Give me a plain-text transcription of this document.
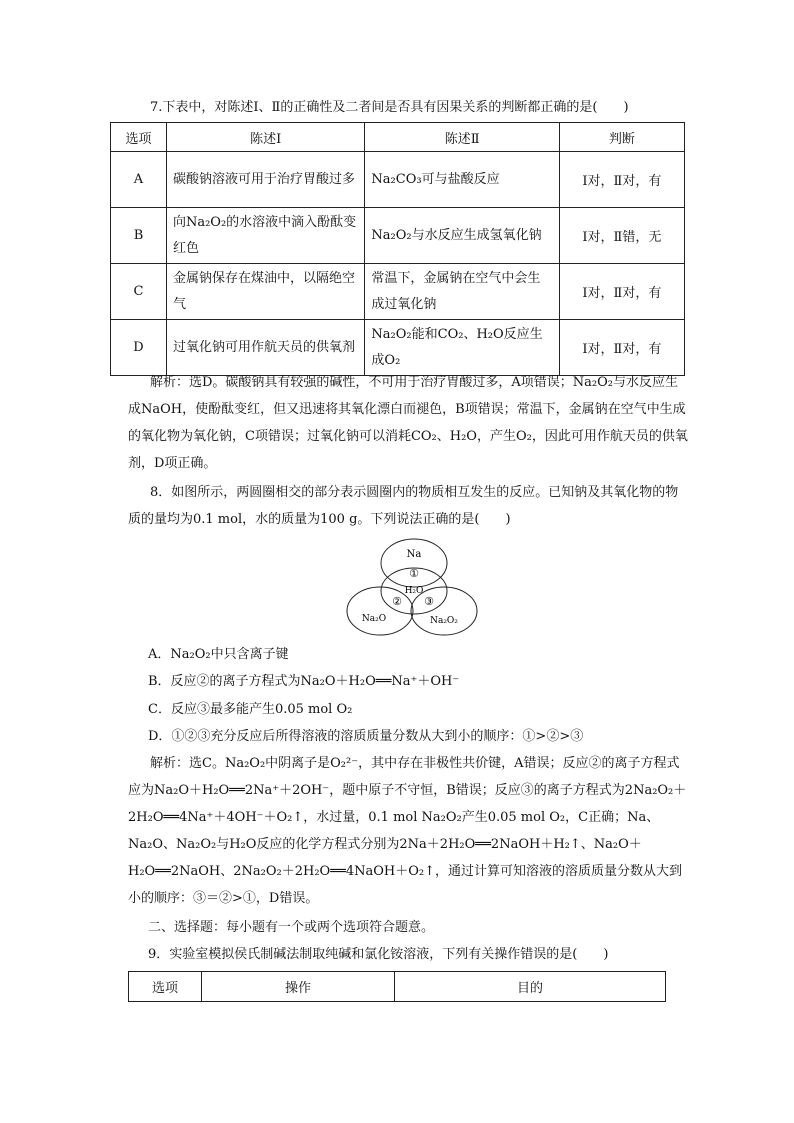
7.下表中，对陈述Ⅰ、Ⅱ的正确性及二者间是否具有因果关系的判断都正确的是(　　)
选项	陈述Ⅰ	陈述Ⅱ	判断
A	碳酸钠溶液可用于治疗胃酸过多	Na₂CO₃可与盐酸反应	Ⅰ对，Ⅱ对，有
B	向Na₂O₂的水溶液中滴入酚酞变红色	Na₂O₂与水反应生成氢氧化钠	Ⅰ对，Ⅱ错，无
C	金属钠保存在煤油中，以隔绝空气	常温下，金属钠在空气中会生成过氧化钠	Ⅰ对，Ⅱ对，有
D	过氧化钠可用作航天员的供氧剂	Na₂O₂能和CO₂、H₂O反应生成O₂	Ⅰ对，Ⅱ对，有
解析：选D。碳酸钠具有较强的碱性，不可用于治疗胃酸过多，A项错误；Na₂O₂与水反应生成NaOH，使酚酞变红，但又迅速将其氧化漂白而褪色，B项错误；常温下，金属钠在空气中生成的氧化物为氧化钠，C项错误；过氧化钠可以消耗CO₂、H₂O，产生O₂，因此可用作航天员的供氧剂，D项正确。
8．如图所示，两圆圈相交的部分表示圆圈内的物质相互发生的反应。已知钠及其氧化物的物质的量均为0.1 mol，水的质量为100 g。下列说法正确的是(　　)
Na
①
H₂O
② ③
Na₂O	Na₂O₂
A．Na₂O₂中只含离子键
B．反应②的离子方程式为Na₂O＋H₂O══Na⁺＋OH⁻
C．反应③最多能产生0.05 mol O₂
D．①②③充分反应后所得溶液的溶质质量分数从大到小的顺序：①>②>③
解析：选C。Na₂O₂中阴离子是O₂²⁻，其中存在非极性共价键，A错误；反应②的离子方程式应为Na₂O＋H₂O══2Na⁺＋2OH⁻，题中原子不守恒，B错误；反应③的离子方程式为2Na₂O₂＋2H₂O══4Na⁺＋4OH⁻＋O₂↑，水过量，0.1 mol Na₂O₂产生0.05 mol O₂，C正确；Na、Na₂O、Na₂O₂与H₂O反应的化学方程式分别为2Na＋2H₂O══2NaOH＋H₂↑、Na₂O＋H₂O══2NaOH、2Na₂O₂＋2H₂O══4NaOH＋O₂↑，通过计算可知溶液的溶质质量分数从大到小的顺序：③＝②>①，D错误。
二、选择题：每小题有一个或两个选项符合题意。
9．实验室模拟侯氏制碱法制取纯碱和氯化铵溶液，下列有关操作错误的是(　　)
选项	操作	目的
